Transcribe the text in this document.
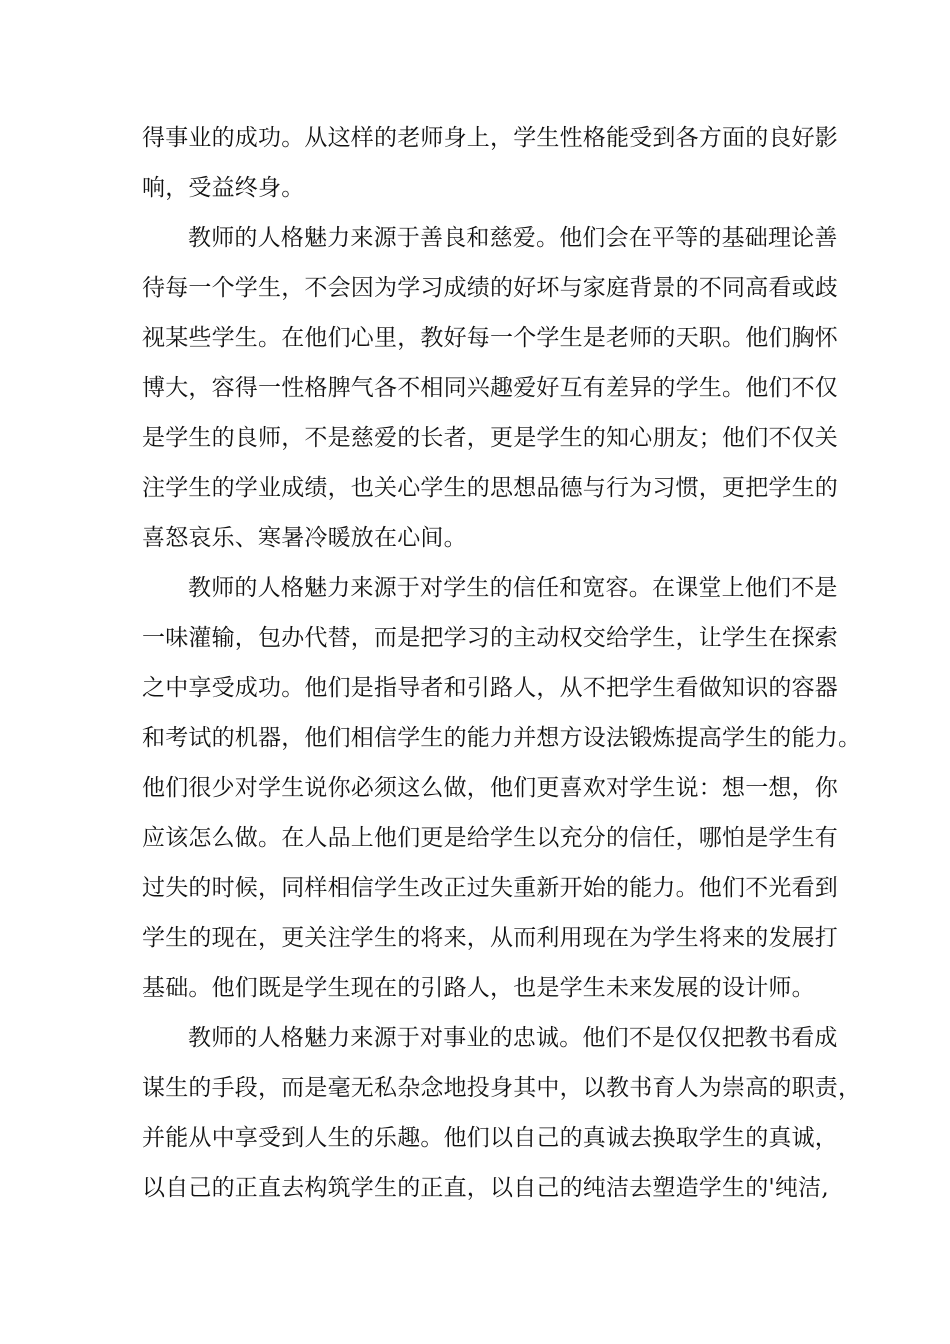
得事业的成功。从这样的老师身上，学生性格能受到各方面的良好影
响，受益终身。
教师的人格魅力来源于善良和慈爱。他们会在平等的基础理论善
待每一个学生，不会因为学习成绩的好坏与家庭背景的不同高看或歧
视某些学生。在他们心里，教好每一个学生是老师的天职。他们胸怀
博大，容得一性格脾气各不相同兴趣爱好互有差异的学生。他们不仅
是学生的良师，不是慈爱的长者，更是学生的知心朋友；他们不仅关
注学生的学业成绩，也关心学生的思想品德与行为习惯，更把学生的
喜怒哀乐、寒暑冷暖放在心间。
教师的人格魅力来源于对学生的信任和宽容。在课堂上他们不是
一味灌输，包办代替，而是把学习的主动权交给学生，让学生在探索
之中享受成功。他们是指导者和引路人，从不把学生看做知识的容器
和考试的机器，他们相信学生的能力并想方设法锻炼提高学生的能力。
他们很少对学生说你必须这么做，他们更喜欢对学生说：想一想，你
应该怎么做。在人品上他们更是给学生以充分的信任，哪怕是学生有
过失的时候，同样相信学生改正过失重新开始的能力。他们不光看到
学生的现在，更关注学生的将来，从而利用现在为学生将来的发展打
基础。他们既是学生现在的引路人，也是学生未来发展的设计师。
教师的人格魅力来源于对事业的忠诚。他们不是仅仅把教书看成
谋生的手段，而是毫无私杂念地投身其中，以教书育人为崇高的职责，
并能从中享受到人生的乐趣。他们以自己的真诚去换取学生的真诚，
以自己的正直去构筑学生的正直，以自己的纯洁去塑造学生的'纯洁,
